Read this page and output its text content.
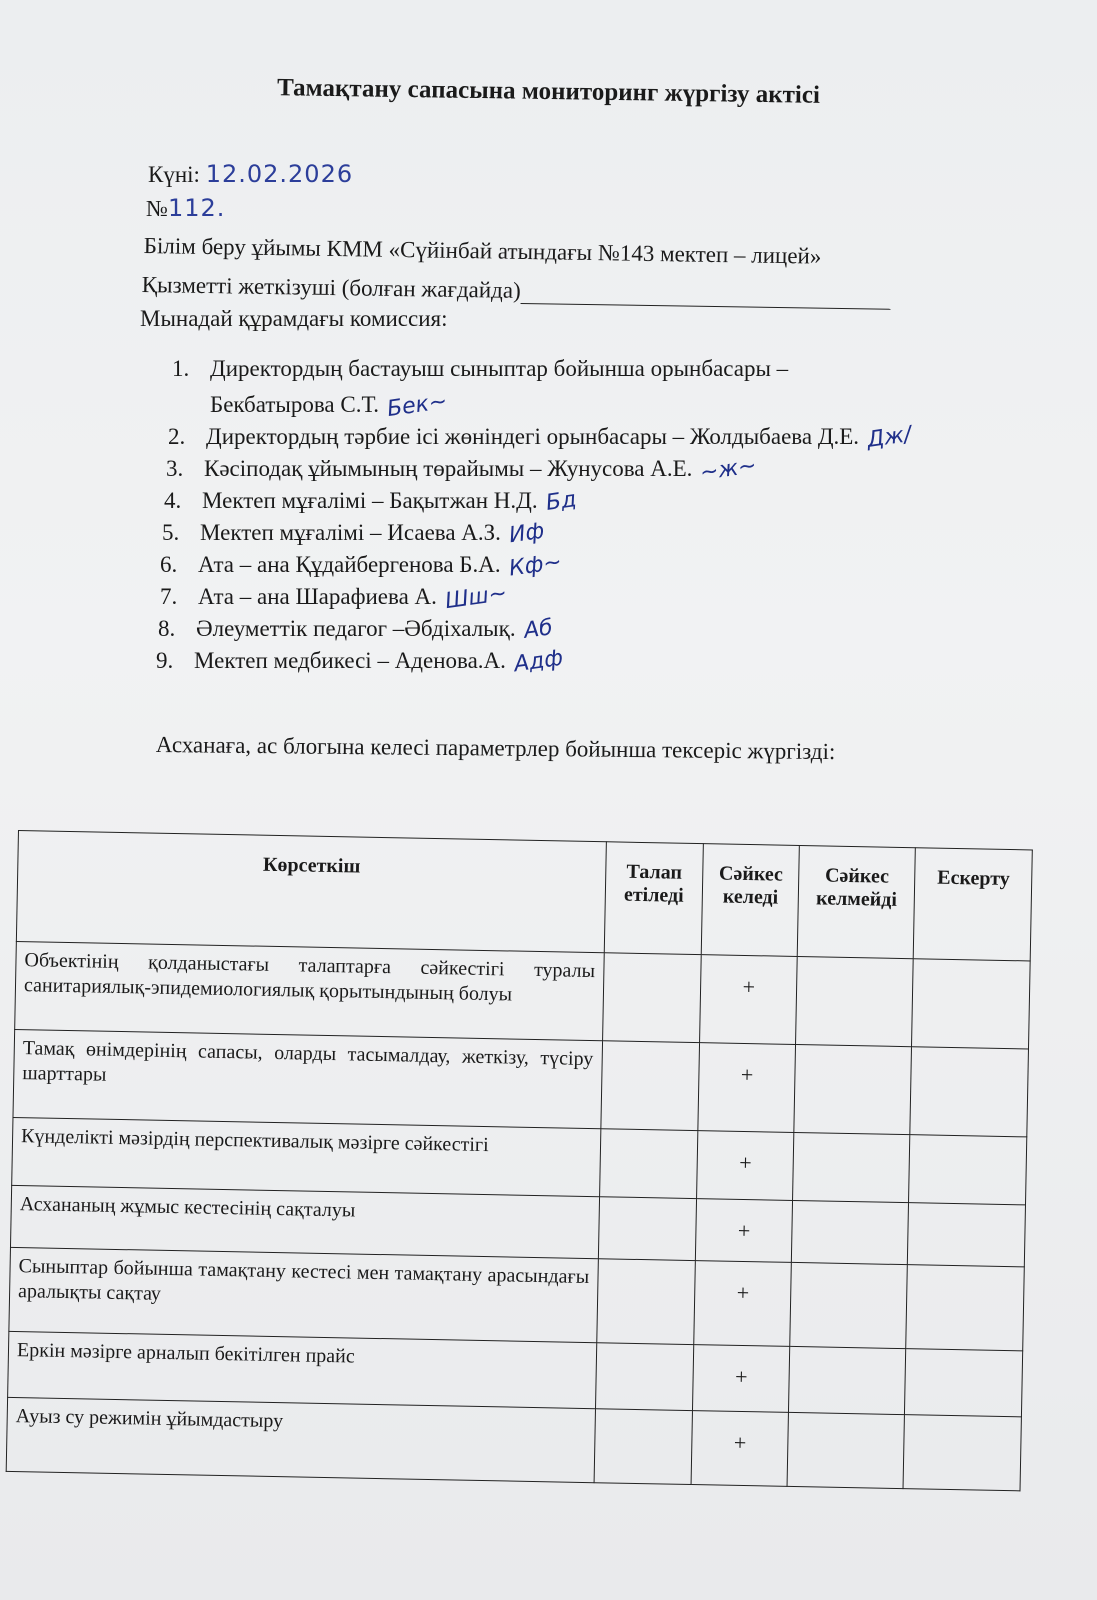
Тамақтану сапасына мониторинг жүргізу актісі
Күні: 12.02.2026
№112.
Білім беру ұйымы КММ «Сүйінбай атындағы №143 мектеп – лицей»
Қызметті жеткізуші (болған жағдайда)
Мынадай құрамдағы комиссия:
1. Директордың бастауыш сыныптар бойынша орынбасары –
Бекбатырова С.Т. Бек~
2. Директордың тәрбие ісі жөніндегі орынбасары – Жолдыбаева Д.Е. Дж/
3. Кәсіподақ ұйымының төрайымы – Жунусова А.Е. ~ж~
4. Мектеп мұғалімі – Бақытжан Н.Д. Бд
5. Мектеп мұғалімі – Исаева А.З. Иф
6. Ата – ана Құдайбергенова Б.А. Кф~
7. Ата – ана Шарафиева А. Шш~
8. Әлеуметтік педагог –Әбдіхалық. Аб
9. Мектеп медбикесі – Аденова.А. Адф
Асханаға, ас блогына келесі параметрлер бойынша тексеріс жүргізді:
Көрсеткіш	Талап етіледі	Сәйкес келеді	Сәйкес келмейді	Ескерту
Объектінің қолданыстағы талаптарға сәйкестігі туралы санитариялық-эпидемиологиялық қорытындының болуы		+		
Тамақ өнімдерінің сапасы, оларды тасымалдау, жеткізу, түсіру шарттары		+		
Күнделікті мәзірдің перспективалық мәзірге сәйкестігі		+		
Асхананың жұмыс кестесінің сақталуы		+		
Сыныптар бойынша тамақтану кестесі мен тамақтану арасындағы аралықты сақтау		+		
Еркін мәзірге арналып бекітілген прайс		+		
Ауыз су режимін ұйымдастыру		+		
